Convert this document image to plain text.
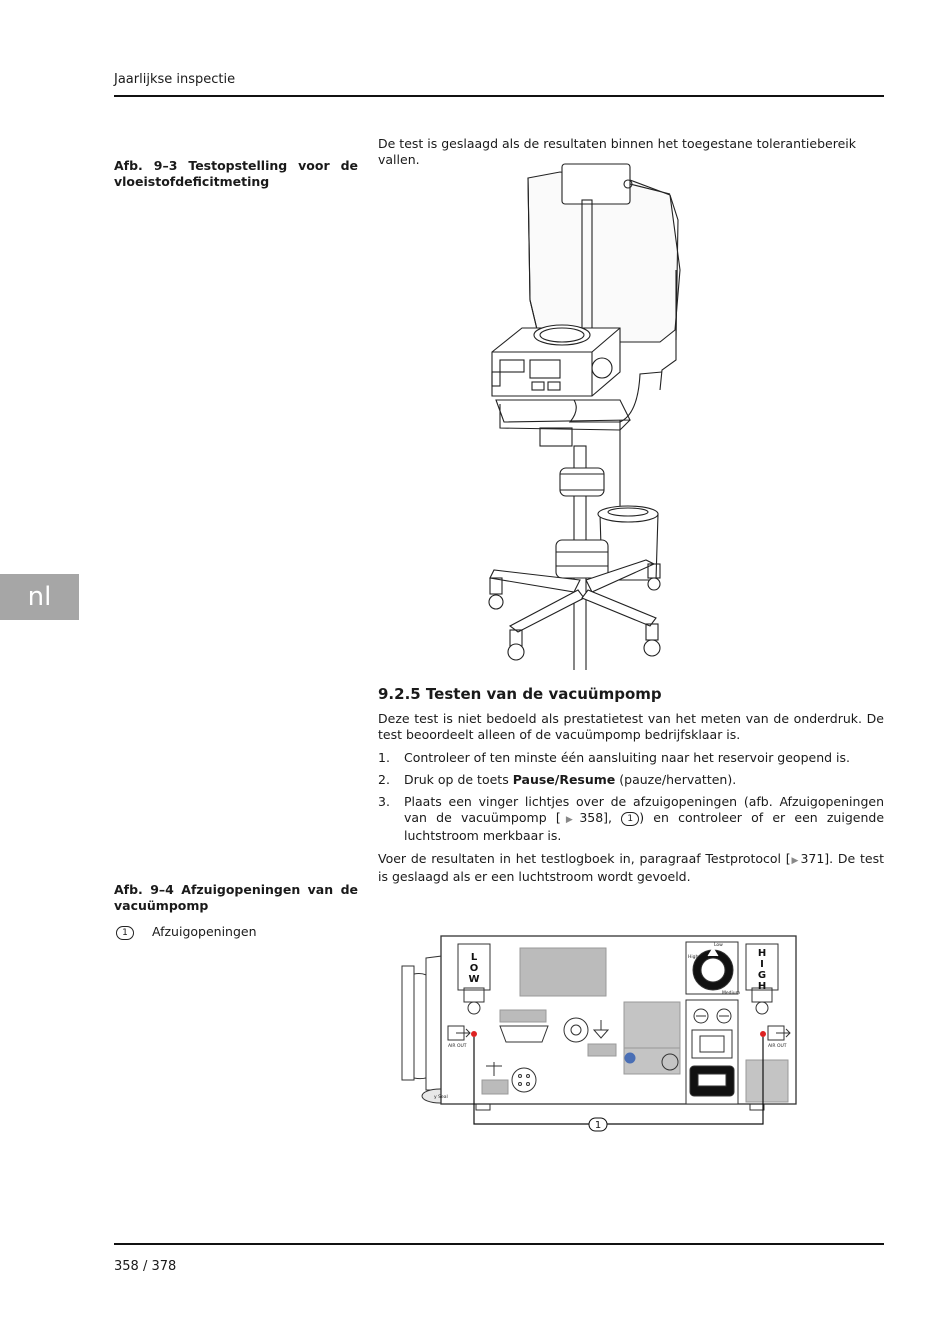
Jaarlijkse inspectie
nl
De test is geslaagd als de resultaten binnen het toegestane tolerantiebereik vallen.
Afb. 9–3 Testopstelling voor de vloeistofdeficitmeting
9.2.5 Testen van de vacuümpomp
Deze test is niet bedoeld als prestatietest van het meten van de onderdruk. De test beoordeelt alleen of de vacuümpomp bedrijfsklaar is.
1. Controleer of ten minste één aansluiting naar het reservoir geopend is.
2. Druk op de toets Pause/Resume (pauze/hervatten).
3. Plaats een vinger lichtjes over de afzuigopeningen (afb. Afzuigopeningen van de vacuümpomp [▶ 358], 1 ) en controleer of er een zuigende luchtstroom merkbaar is.
Voer de resultaten in het testlogboek in, paragraaf Testprotocol [▶ 371]. De test is geslaagd als er een luchtstroom wordt gevoeld.
Afb. 9–4 Afzuigopeningen van de vacuümpomp
1 Afzuigopeningen
L
O
W
H
I
G
H
AIR OUT	AIR OUT
Low
High
Medium
y Seal
1
358 / 378
